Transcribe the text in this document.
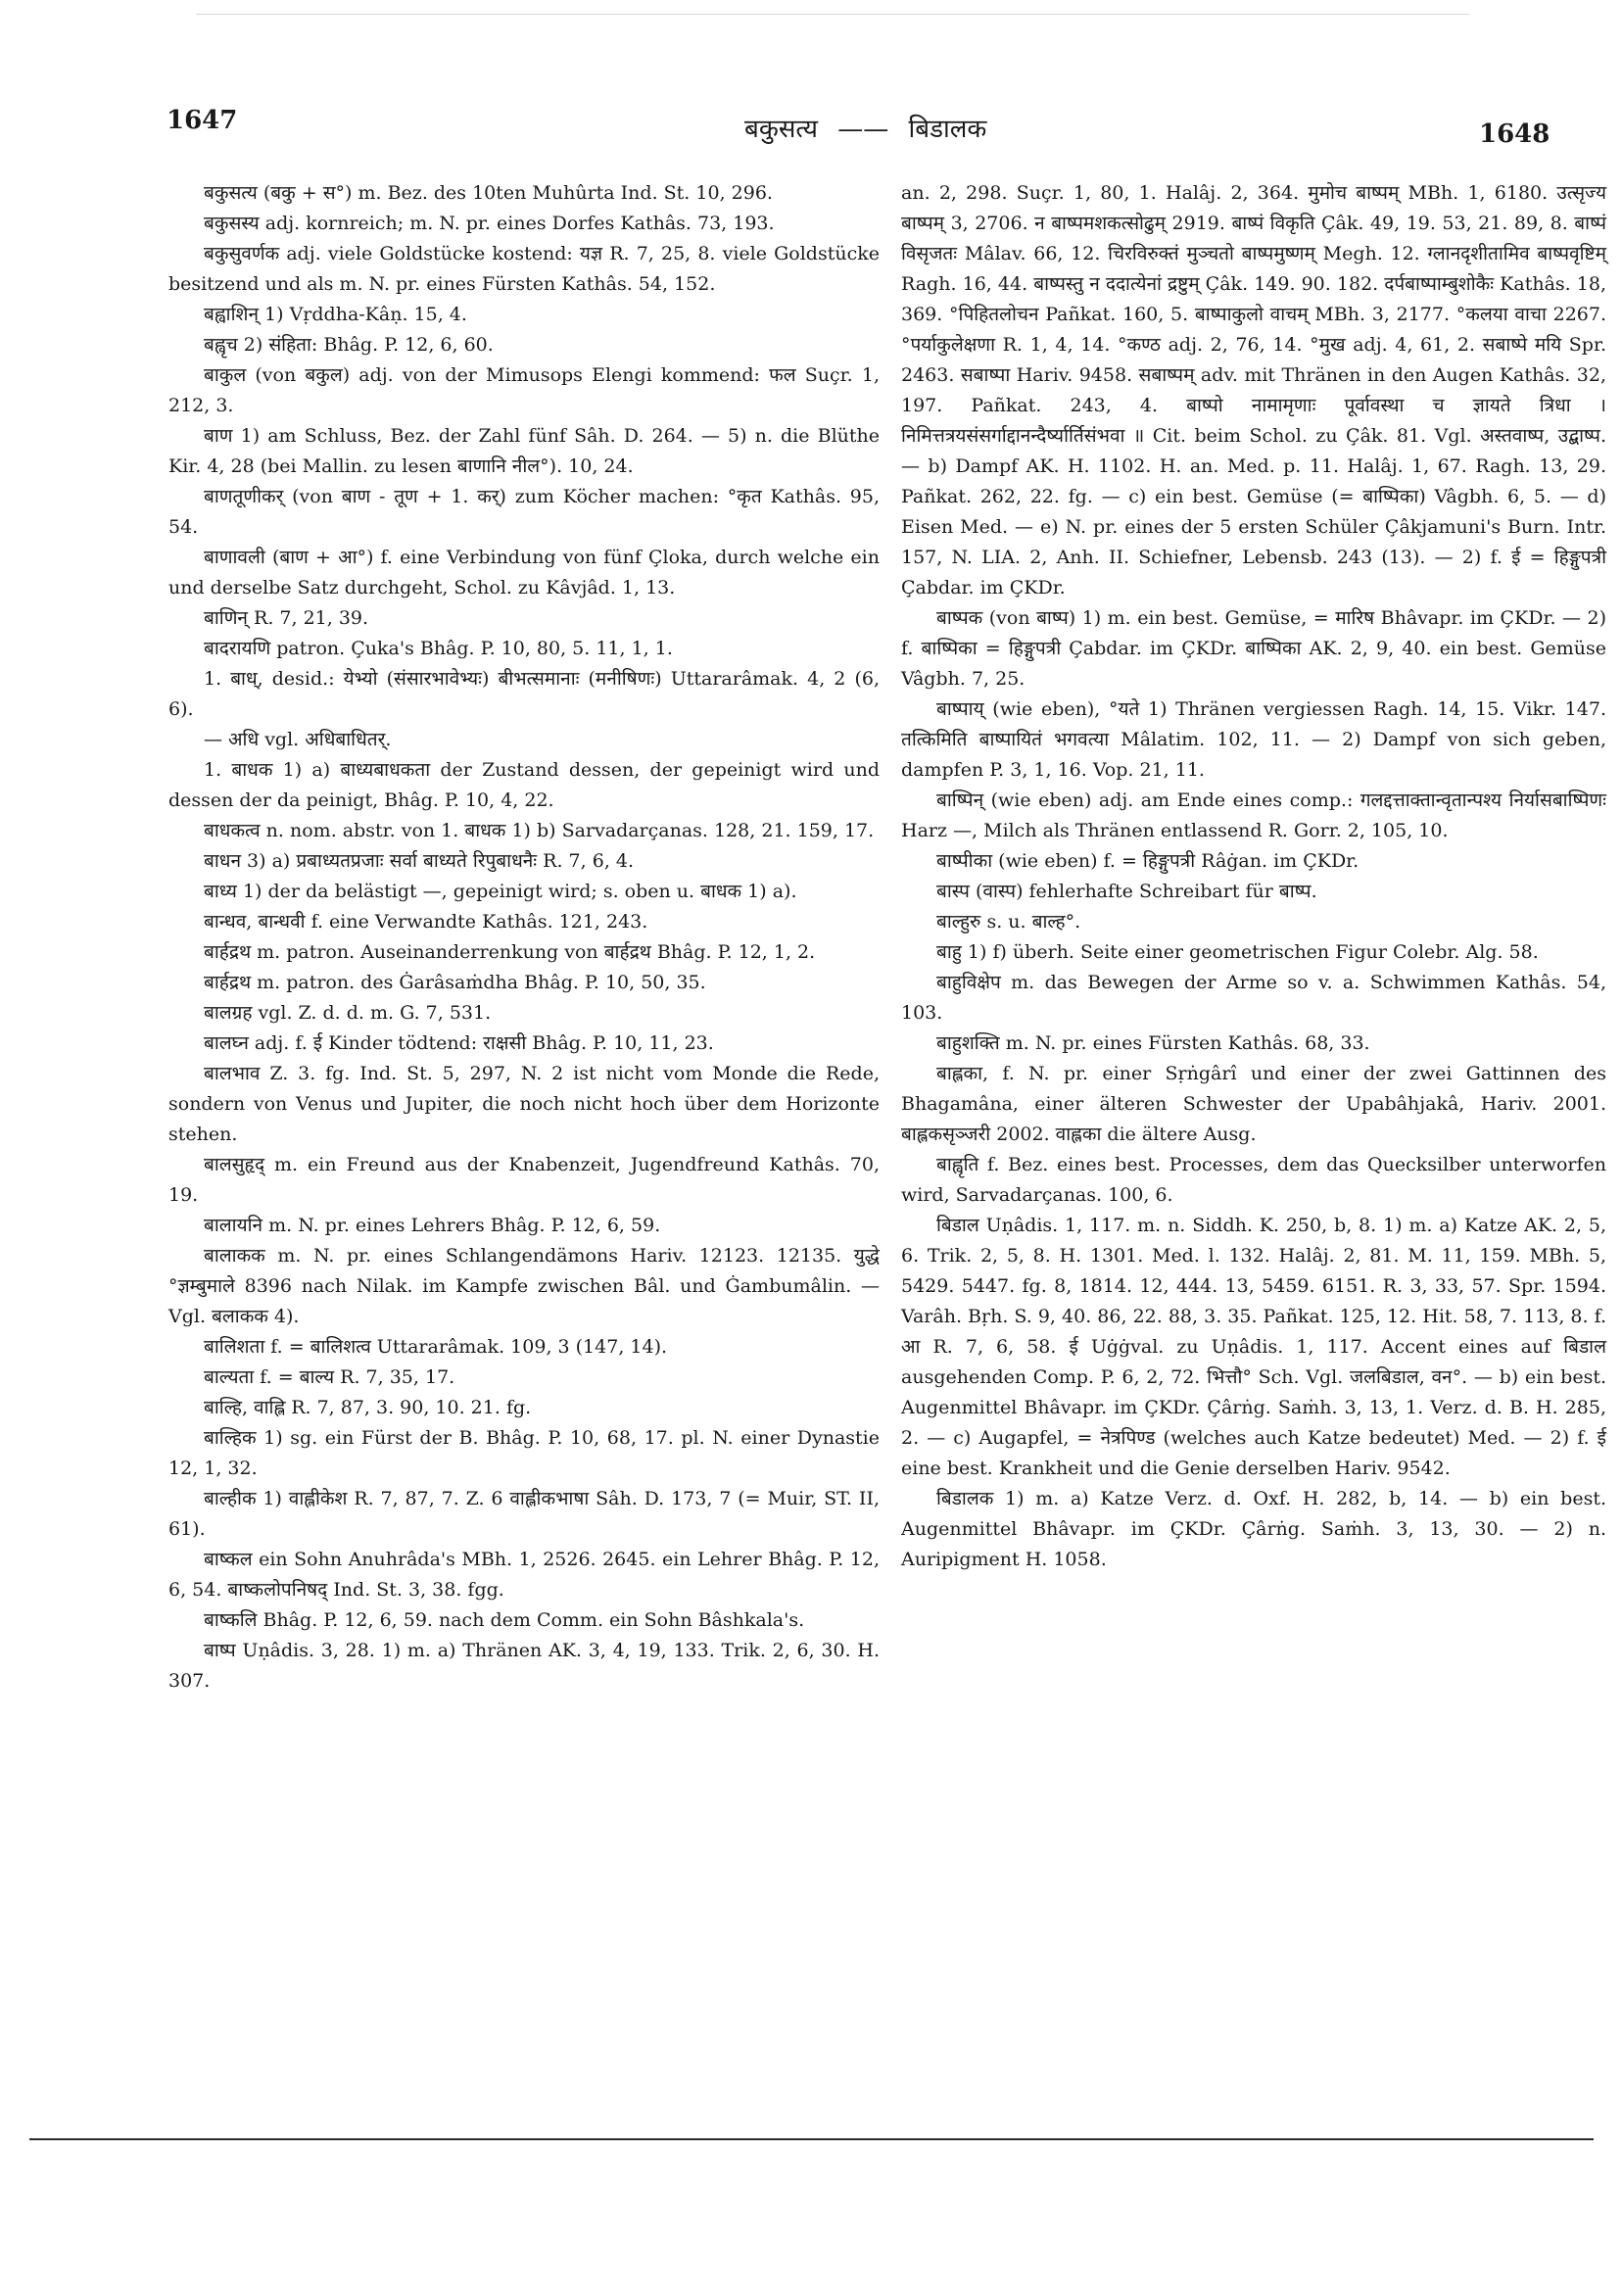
1647	बकुसत्य —— बिडालक	1648

बकुसत्य (बकु + स°) m. Bez. des 10ten Muhûrta Ind. St. 10, 296.

बकुसस्य adj. kornreich; m. N. pr. eines Dorfes Kathâs. 73, 193.

बकुसुवर्णक adj. viele Goldstücke kostend: यज्ञ R. 7, 25, 8. viele Goldstücke besitzend und als m. N. pr. eines Fürsten Kathâs. 54, 152.

बह्वाशिन् 1) Vṛddha-Kâṇ. 15, 4.

बह्वृच 2) संहिता: Bhâg. P. 12, 6, 60.

बाकुल (von बकुल) adj. von der Mimusops Elengi kommend: फल Suçr. 1, 212, 3.

बाण 1) am Schluss, Bez. der Zahl fünf Sâh. D. 264. — 5) n. die Blüthe Kir. 4, 28 (bei Mallin. zu lesen बाणानि नील°). 10, 24.

बाणतूणीकर् (von बाण - तूण + 1. कर्) zum Köcher machen: °कृत Kathâs. 95, 54.

बाणावली (बाण + आ°) f. eine Verbindung von fünf Çloka, durch welche ein und derselbe Satz durchgeht, Schol. zu Kâvjâd. 1, 13.

बाणिन् R. 7, 21, 39.

बादरायणि patron. Çuka's Bhâg. P. 10, 80, 5. 11, 1, 1.

1. बाध्, desid.: येभ्यो (संसारभावेभ्यः) बीभत्समानाः (मनीषिणः) Uttararâmak. 4, 2 (6, 6).

— अधि vgl. अधिबाधितर्.

1. बाधक 1) a) बाध्यबाधकता der Zustand dessen, der gepeinigt wird und dessen der da peinigt, Bhâg. P. 10, 4, 22.

बाधकत्व n. nom. abstr. von 1. बाधक 1) b) Sarvadarçanas. 128, 21. 159, 17.

बाधन 3) a) प्रबाध्यतप्रजाः सर्वा बाध्यते रिपुबाधनैः R. 7, 6, 4.

बाध्य 1) der da belästigt —, gepeinigt wird; s. oben u. बाधक 1) a).

बान्धव, बान्धवी f. eine Verwandte Kathâs. 121, 243.

बार्हद्रथ m. patron. Auseinanderrenkung von बार्हद्रथ Bhâg. P. 12, 1, 2.

बार्हद्रथ m. patron. des Ġarâsaṁdha Bhâg. P. 10, 50, 35.

बालग्रह vgl. Z. d. d. m. G. 7, 531.

बालघ्न adj. f. ई Kinder tödtend: राक्षसी Bhâg. P. 10, 11, 23.

बालभाव Z. 3. fg. Ind. St. 5, 297, N. 2 ist nicht vom Monde die Rede, sondern von Venus und Jupiter, die noch nicht hoch über dem Horizonte stehen.

बालसुहृद् m. ein Freund aus der Knabenzeit, Jugendfreund Kathâs. 70, 19.

बालायनि m. N. pr. eines Lehrers Bhâg. P. 12, 6, 59.

बालाकक m. N. pr. eines Schlangendämons Hariv. 12123. 12135. युद्धे °ज्ञम्बुमाले 8396 nach Nilak. im Kampfe zwischen Bâl. und Ġambumâlin. — Vgl. बलाकक 4).

बालिशता f. = बालिशत्व Uttararâmak. 109, 3 (147, 14).

बाल्यता f. = बाल्य R. 7, 35, 17.

बाल्हि, वाह्लि R. 7, 87, 3. 90, 10. 21. fg.

बाल्हिक 1) sg. ein Fürst der B. Bhâg. P. 10, 68, 17. pl. N. einer Dynastie 12, 1, 32.

बाल्हीक 1) वाह्लीकेश R. 7, 87, 7. Z. 6 वाह्लीकभाषा Sâh. D. 173, 7 (= Muir, ST. II, 61).

बाष्कल ein Sohn Anuhrâda's MBh. 1, 2526. 2645. ein Lehrer Bhâg. P. 12, 6, 54. बाष्कलोपनिषद् Ind. St. 3, 38. fgg.

बाष्कलि Bhâg. P. 12, 6, 59. nach dem Comm. ein Sohn Bâshkala's.

बाष्प Uṇâdis. 3, 28. 1) m. a) Thränen AK. 3, 4, 19, 133. Trik. 2, 6, 30. H. 307.

an. 2, 298. Suçr. 1, 80, 1. Halâj. 2, 364. मुमोच बाष्पम् MBh. 1, 6180. उत्सृज्य बाष्पम् 3, 2706. न बाष्पमशकत्सोढुम् 2919. बाष्पं विकृति Çâk. 49, 19. 53, 21. 89, 8. बाष्पं विसृजतः Mâlav. 66, 12. चिरविरुक्तं मुञ्चतो बाष्पमुष्णम् Megh. 12. ग्लानदृशीतामिव बाष्पवृष्टिम् Ragh. 16, 44. बाष्पस्तु न ददात्येनां द्रष्टुम् Çâk. 149. 90. 182. दर्पबाष्पाम्बुशोकैः Kathâs. 18, 369. °पिहितलोचन Pañkat. 160, 5. बाष्पाकुलो वाचम् MBh. 3, 2177. °कलया वाचा 2267. °पर्याकुलेक्षणा R. 1, 4, 14. °कण्ठ adj. 2, 76, 14. °मुख adj. 4, 61, 2. सबाष्पे मयि Spr. 2463. सबाष्पा Hariv. 9458. सबाष्पम् adv. mit Thränen in den Augen Kathâs. 32, 197. Pañkat. 243, 4. बाष्पो नामामृणाः पूर्वावस्था च ज्ञायते त्रिधा । निमित्तत्रयसंसर्गाद्दानन्दैर्ष्यार्तिसंभवा ॥ Cit. beim Schol. zu Çâk. 81. Vgl. अस्तवाष्प, उद्बाष्प. — b) Dampf AK. H. 1102. H. an. Med. p. 11. Halâj. 1, 67. Ragh. 13, 29. Pañkat. 262, 22. fg. — c) ein best. Gemüse (= बाष्पिका) Vâgbh. 6, 5. — d) Eisen Med. — e) N. pr. eines der 5 ersten Schüler Çâkjamuni's Burn. Intr. 157, N. LIA. 2, Anh. II. Schiefner, Lebensb. 243 (13). — 2) f. ई = हिङ्गुपत्री Çabdar. im ÇKDr.

बाष्पक (von बाष्प) 1) m. ein best. Gemüse, = मारिष Bhâvapr. im ÇKDr. — 2) f. बाष्पिका = हिङ्गुपत्री Çabdar. im ÇKDr. बाष्पिका AK. 2, 9, 40. ein best. Gemüse Vâgbh. 7, 25.

बाष्पाय् (wie eben), °यते 1) Thränen vergiessen Ragh. 14, 15. Vikr. 147. तत्किमिति बाष्पायितं भगवत्या Mâlatim. 102, 11. — 2) Dampf von sich geben, dampfen P. 3, 1, 16. Vop. 21, 11.

बाष्पिन् (wie eben) adj. am Ende eines comp.: गलद्दत्ताक्तान्वृतान्पश्य निर्यासबाष्पिणः Harz —, Milch als Thränen entlassend R. Gorr. 2, 105, 10.

बाष्पीका (wie eben) f. = हिङ्गुपत्री Râġan. im ÇKDr.

बास्प (वास्प) fehlerhafte Schreibart für बाष्प.

बाल्हुरु s. u. बाल्ह°.

बाहु 1) f) überh. Seite einer geometrischen Figur Colebr. Alg. 58.

बाहुविक्षेप m. das Bewegen der Arme so v. a. Schwimmen Kathâs. 54, 103.

बाहुशक्ति m. N. pr. eines Fürsten Kathâs. 68, 33.

बाह्लका, f. N. pr. einer Sṛṅgârî und einer der zwei Gattinnen des Bhagamâna, einer älteren Schwester der Upabâhjakâ, Hariv. 2001. बाह्लकसृञ्जरी 2002. वाह्लका die ältere Ausg.

बाह्वृति f. Bez. eines best. Processes, dem das Quecksilber unterworfen wird, Sarvadarçanas. 100, 6.

बिडाल Uṇâdis. 1, 117. m. n. Siddh. K. 250, b, 8. 1) m. a) Katze AK. 2, 5, 6. Trik. 2, 5, 8. H. 1301. Med. l. 132. Halâj. 2, 81. M. 11, 159. MBh. 5, 5429. 5447. fg. 8, 1814. 12, 444. 13, 5459. 6151. R. 3, 33, 57. Spr. 1594. Varâh. Bṛh. S. 9, 40. 86, 22. 88, 3. 35. Pañkat. 125, 12. Hit. 58, 7. 113, 8. f. आ R. 7, 6, 58. ई Uġġval. zu Uṇâdis. 1, 117. Accent eines auf बिडाल ausgehenden Comp. P. 6, 2, 72. भित्तौ° Sch. Vgl. जलबिडाल, वन°. — b) ein best. Augenmittel Bhâvapr. im ÇKDr. Çârṅg. Saṁh. 3, 13, 1. Verz. d. B. H. 285, 2. — c) Augapfel, = नेत्रपिण्ड (welches auch Katze bedeutet) Med. — 2) f. ई eine best. Krankheit und die Genie derselben Hariv. 9542.

बिडालक 1) m. a) Katze Verz. d. Oxf. H. 282, b, 14. — b) ein best. Augenmittel Bhâvapr. im ÇKDr. Çârṅg. Saṁh. 3, 13, 30. — 2) n. Auripigment H. 1058.
